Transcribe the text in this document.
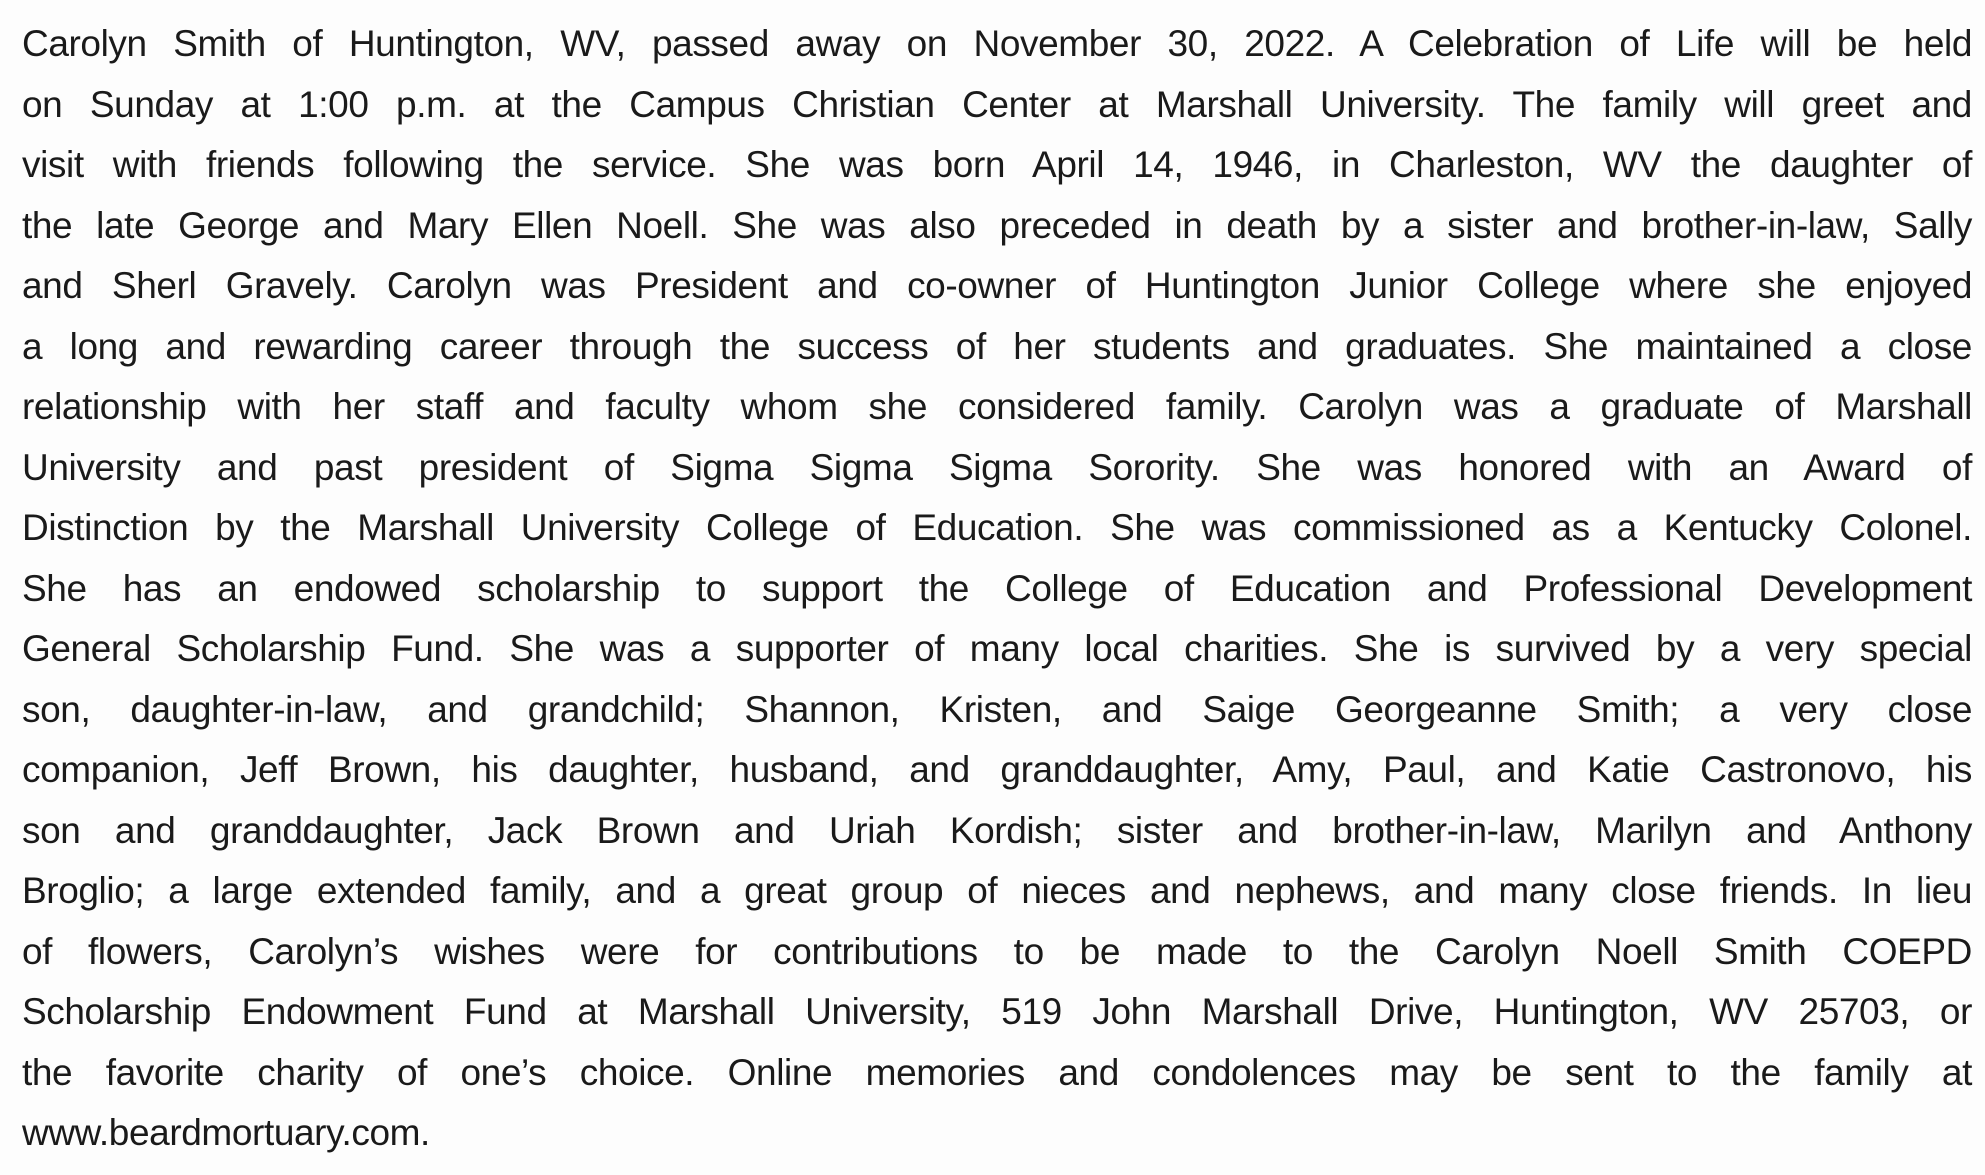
Carolyn Smith of Huntington, WV, passed away on November 30, 2022. A Celebration of Life will be held
on Sunday at 1:00 p.m. at the Campus Christian Center at Marshall University. The family will greet and
visit with friends following the service. She was born April 14, 1946, in Charleston, WV the daughter of
the late George and Mary Ellen Noell. She was also preceded in death by a sister and brother-in-law, Sally
and Sherl Gravely. Carolyn was President and co-owner of Huntington Junior College where she enjoyed
a long and rewarding career through the success of her students and graduates. She maintained a close
relationship with her staff and faculty whom she considered family. Carolyn was a graduate of Marshall
University and past president of Sigma Sigma Sigma Sorority. She was honored with an Award of
Distinction by the Marshall University College of Education. She was commissioned as a Kentucky Colonel.
She has an endowed scholarship to support the College of Education and Professional Development
General Scholarship Fund. She was a supporter of many local charities. She is survived by a very special
son, daughter-in-law, and grandchild; Shannon, Kristen, and Saige Georgeanne Smith; a very close
companion, Jeff Brown, his daughter, husband, and granddaughter, Amy, Paul, and Katie Castronovo, his
son and granddaughter, Jack Brown and Uriah Kordish; sister and brother-in-law, Marilyn and Anthony
Broglio; a large extended family, and a great group of nieces and nephews, and many close friends. In lieu
of flowers, Carolyn’s wishes were for contributions to be made to the Carolyn Noell Smith COEPD
Scholarship Endowment Fund at Marshall University, 519 John Marshall Drive, Huntington, WV 25703, or
the favorite charity of one’s choice. Online memories and condolences may be sent to the family at
www.beardmortuary.com.
